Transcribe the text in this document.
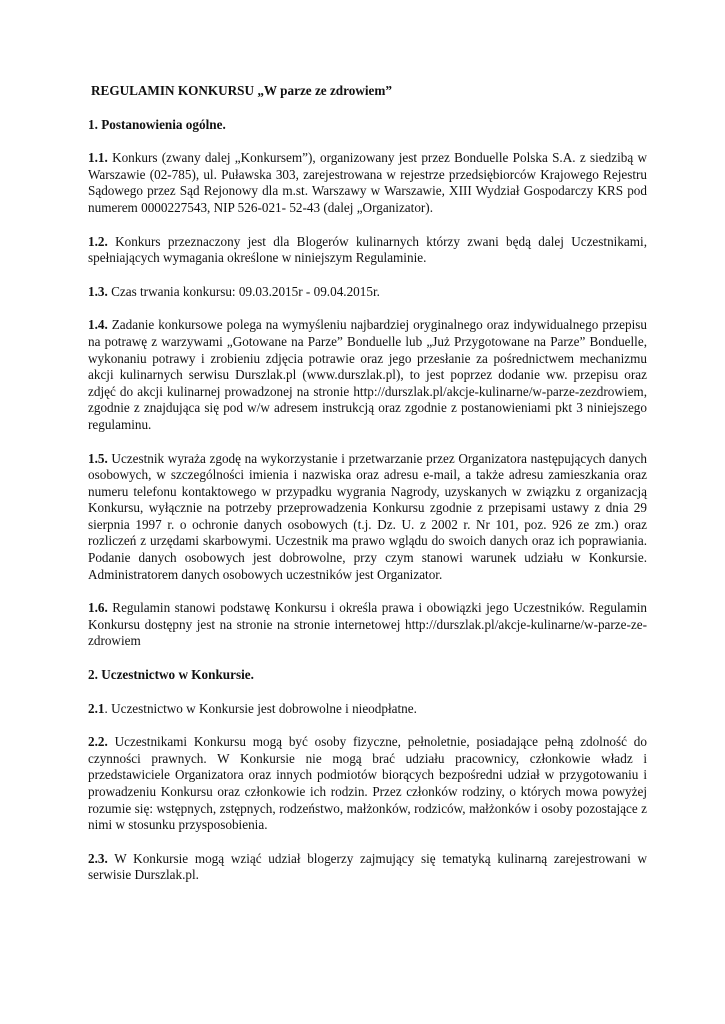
REGULAMIN KONKURSU „W parze ze zdrowiem”
1. Postanowienia ogólne.
1.1. Konkurs (zwany dalej „Konkursem”), organizowany jest przez Bonduelle Polska S.A. z siedzibą w Warszawie (02-785), ul. Puławska 303, zarejestrowana w rejestrze przedsiębiorców Krajowego Rejestru Sądowego przez Sąd Rejonowy dla m.st. Warszawy w Warszawie, XIII Wydział Gospodarczy KRS pod numerem 0000227543, NIP 526-021- 52-43 (dalej „Organizator).
1.2. Konkurs przeznaczony jest dla Blogerów kulinarnych którzy zwani będą dalej Uczestnikami, spełniających wymagania określone w niniejszym Regulaminie.
1.3. Czas trwania konkursu: 09.03.2015r - 09.04.2015r.
1.4. Zadanie konkursowe polega na wymyśleniu najbardziej oryginalnego oraz indywidualnego przepisu na potrawę z warzywami „Gotowane na Parze” Bonduelle lub „Już Przygotowane na Parze” Bonduelle, wykonaniu potrawy i zrobieniu zdjęcia potrawie oraz jego przesłanie za pośrednictwem mechanizmu akcji kulinarnych serwisu Durszlak.pl (www.durszlak.pl), to jest poprzez dodanie ww. przepisu oraz zdjęć do akcji kulinarnej prowadzonej na stronie http://durszlak.pl/akcje-kulinarne/w-parze-zezdrowiem, zgodnie z znajdująca się pod w/w adresem instrukcją oraz zgodnie z postanowieniami pkt 3 niniejszego regulaminu.
1.5. Uczestnik wyraża zgodę na wykorzystanie i przetwarzanie przez Organizatora następujących danych osobowych, w szczególności imienia i nazwiska oraz adresu e-mail, a także adresu zamieszkania oraz numeru telefonu kontaktowego w przypadku wygrania Nagrody, uzyskanych w związku z organizacją Konkursu, wyłącznie na potrzeby przeprowadzenia Konkursu zgodnie z przepisami ustawy z dnia 29 sierpnia 1997 r. o ochronie danych osobowych (t.j. Dz. U. z 2002 r. Nr 101, poz. 926 ze zm.) oraz rozliczeń z urzędami skarbowymi. Uczestnik ma prawo wglądu do swoich danych oraz ich poprawiania. Podanie danych osobowych jest dobrowolne, przy czym stanowi warunek udziału w Konkursie. Administratorem danych osobowych uczestników jest Organizator.
1.6. Regulamin stanowi podstawę Konkursu i określa prawa i obowiązki jego Uczestników. Regulamin Konkursu dostępny jest na stronie na stronie internetowej http://durszlak.pl/akcje-kulinarne/w-parze-ze-zdrowiem
2. Uczestnictwo w Konkursie.
2.1. Uczestnictwo w Konkursie jest dobrowolne i nieodpłatne.
2.2. Uczestnikami Konkursu mogą być osoby fizyczne, pełnoletnie, posiadające pełną zdolność do czynności prawnych. W Konkursie nie mogą brać udziału pracownicy, członkowie władz i przedstawiciele Organizatora oraz innych podmiotów biorących bezpośredni udział w przygotowaniu i prowadzeniu Konkursu oraz członkowie ich rodzin. Przez członków rodziny, o których mowa powyżej rozumie się: wstępnych, zstępnych, rodzeństwo, małżonków, rodziców, małżonków i osoby pozostające z nimi w stosunku przysposobienia.
2.3. W Konkursie mogą wziąć udział blogerzy zajmujący się tematyką kulinarną zarejestrowani w serwisie Durszlak.pl.
